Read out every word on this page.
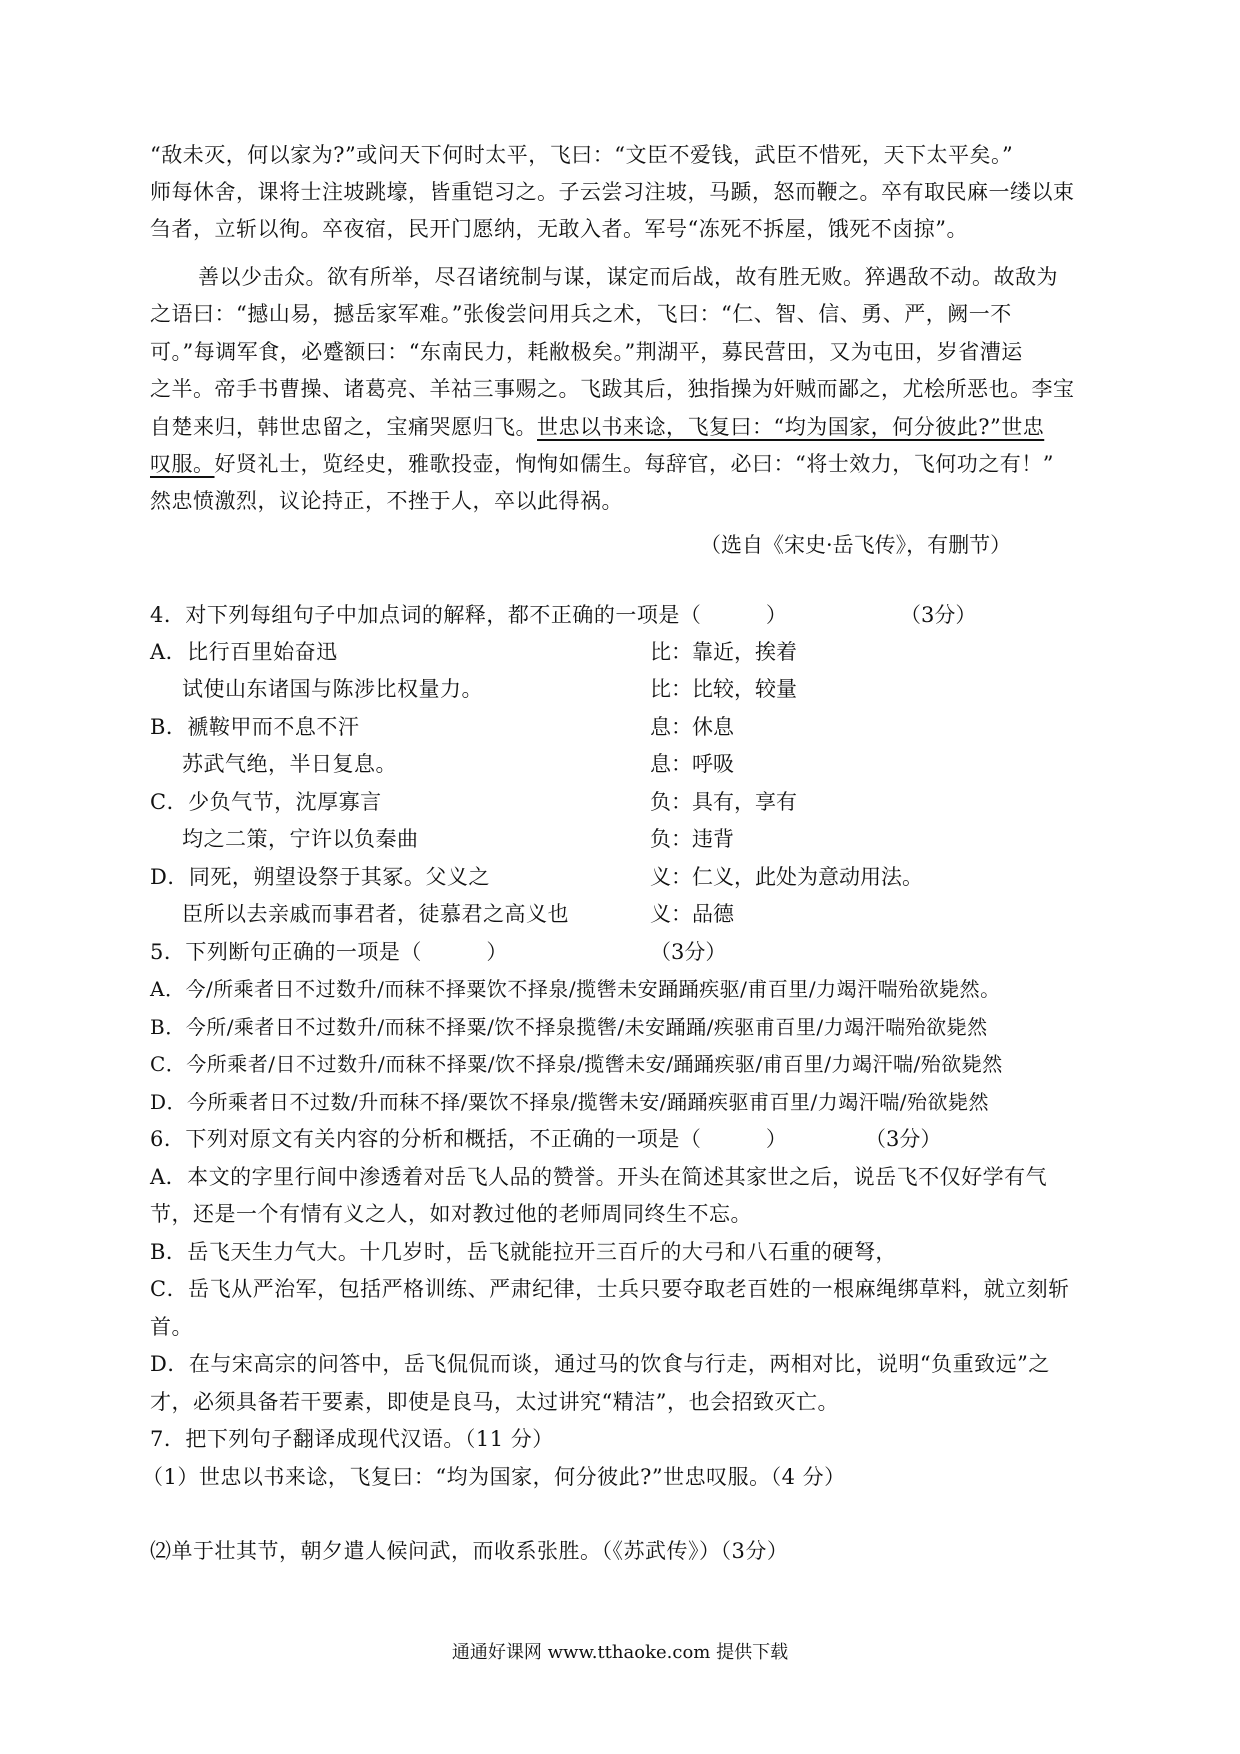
“敌未灭，何以家为?”或问天下何时太平，飞曰：“文臣不爱钱，武臣不惜死，天下太平矣。”
师每休舍，课将士注坡跳壕，皆重铠习之。子云尝习注坡，马踬，怒而鞭之。卒有取民麻一缕以束
刍者，立斩以徇。卒夜宿，民开门愿纳，无敢入者。军号“冻死不拆屋，饿死不卤掠”。
善以少击众。欲有所举，尽召诸统制与谋，谋定而后战，故有胜无败。猝遇敌不动。故敌为
之语曰：“撼山易，撼岳家军难。”张俊尝问用兵之术，飞曰：“仁、智、信、勇、严，阙一不
可。”每调军食，必蹙额曰：“东南民力，耗敝极矣。”荆湖平，募民营田，又为屯田，岁省漕运
之半。帝手书曹操、诸葛亮、羊祜三事赐之。飞跋其后，独指操为奸贼而鄙之，尤桧所恶也。李宝
自楚来归，韩世忠留之，宝痛哭愿归飞。世忠以书来谂，飞复曰：“均为国家，何分彼此?”世忠
叹服。好贤礼士，览经史，雅歌投壶，恂恂如儒生。每辞官，必曰：“将士效力，飞何功之有！”
然忠愤激烈，议论持正，不挫于人，卒以此得祸。
（选自《宋史·岳飞传》，有删节）
4．对下列每组句子中加点词的解释，都不正确的一项是（　　　）	（3分）
A．比行百里始奋迅	比：靠近，挨着
试使山东诸国与陈涉比权量力。	比：比较，较量
B．褫鞍甲而不息不汗	息：休息
苏武气绝，半日复息。	息：呼吸
C．少负气节，沈厚寡言	负：具有，享有
均之二策，宁许以负秦曲	负：违背
D．同死，朔望设祭于其冢。父义之	义：仁义，此处为意动用法。
臣所以去亲戚而事君者，徒慕君之高义也	义：品德
5．下列断句正确的一项是（　　　）	（3分）
A．今/所乘者日不过数升/而秣不择粟饮不择泉/揽辔未安踊踊疾驱/甫百里/力竭汗喘殆欲毙然。
B．今所/乘者日不过数升/而秣不择粟/饮不择泉揽辔/未安踊踊/疾驱甫百里/力竭汗喘殆欲毙然
C．今所乘者/日不过数升/而秣不择粟/饮不择泉/揽辔未安/踊踊疾驱/甫百里/力竭汗喘/殆欲毙然
D．今所乘者日不过数/升而秣不择/粟饮不择泉/揽辔未安/踊踊疾驱甫百里/力竭汗喘/殆欲毙然
6．下列对原文有关内容的分析和概括，不正确的一项是（　　　）	（3分）
A．本文的字里行间中渗透着对岳飞人品的赞誉。开头在简述其家世之后，说岳飞不仅好学有气
节，还是一个有情有义之人，如对教过他的老师周同终生不忘。
B．岳飞天生力气大。十几岁时，岳飞就能拉开三百斤的大弓和八石重的硬弩，
C．岳飞从严治军，包括严格训练、严肃纪律，士兵只要夺取老百姓的一根麻绳绑草料，就立刻斩
首。
D．在与宋高宗的问答中，岳飞侃侃而谈，通过马的饮食与行走，两相对比，说明“负重致远”之
才，必须具备若干要素，即使是良马，太过讲究“精洁”，也会招致灭亡。
7．把下列句子翻译成现代汉语。（11 分）
（1）世忠以书来谂，飞复曰：“均为国家，何分彼此?”世忠叹服。（4 分）
⑵单于壮其节，朝夕遣人候问武，而收系张胜。（《苏武传》）（3分）
通通好课网 www.tthaoke.com 提供下载
